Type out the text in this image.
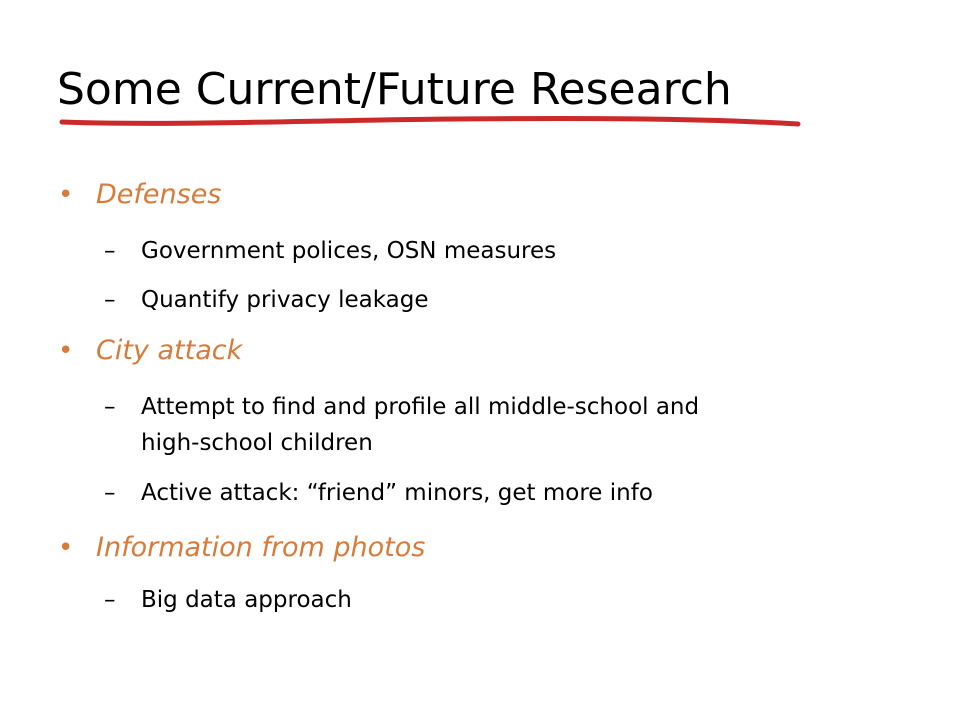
Some Current/Future Research
• Defenses
– Government polices, OSN measures
– Quantify privacy leakage
• City attack
– Attempt to find and profile all middle-school and
high-school children
– Active attack: “friend” minors, get more info
• Information from photos
– Big data approach
